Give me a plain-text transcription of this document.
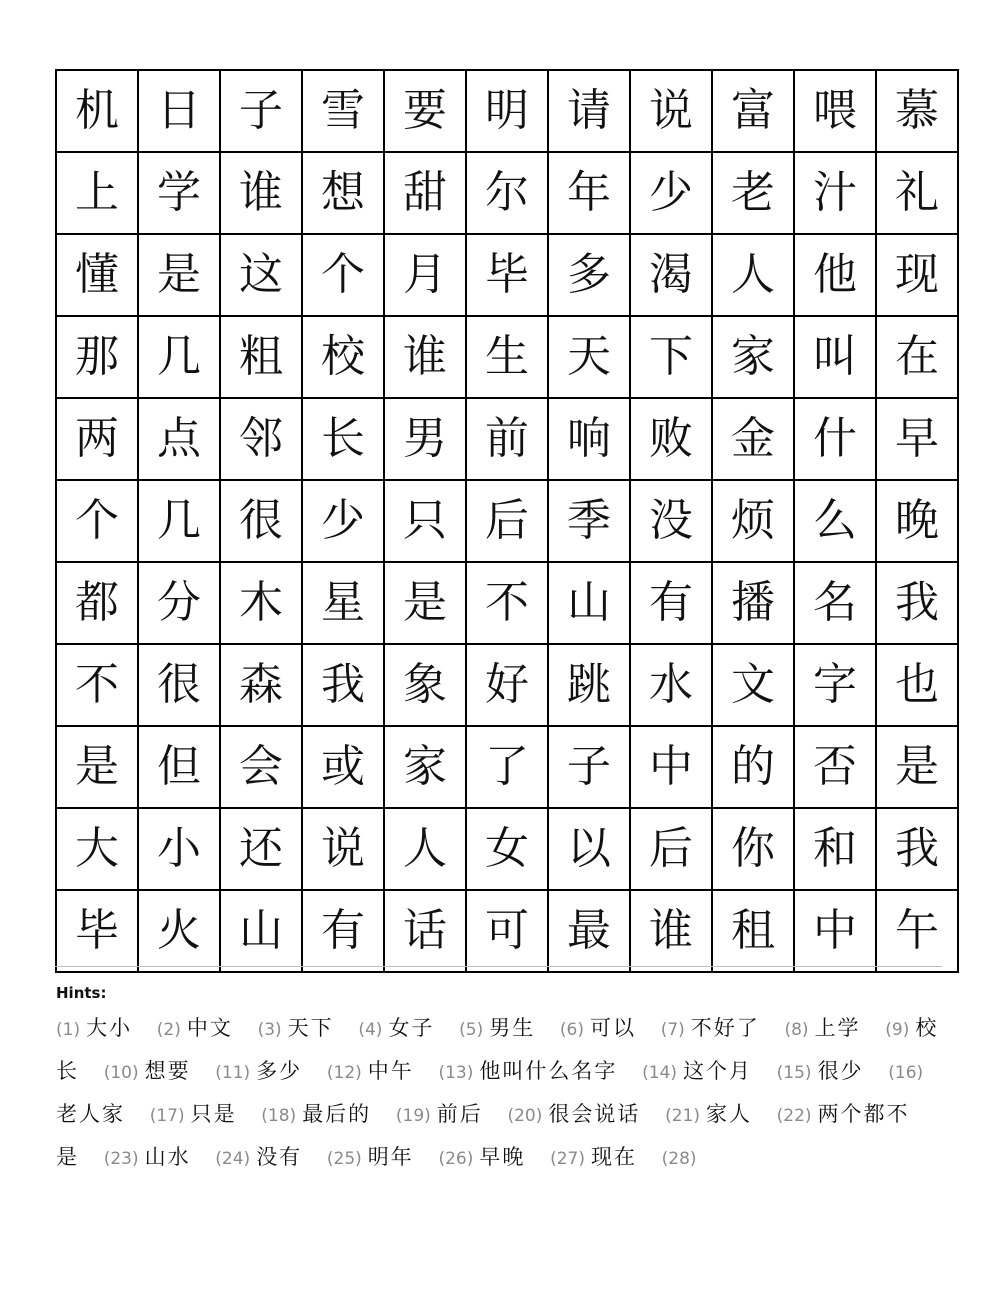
机	日	子	雪	要	明	请	说	富	喂	慕
上	学	谁	想	甜	尔	年	少	老	汁	礼
懂	是	这	个	月	毕	多	渴	人	他	现
那	几	粗	校	谁	生	天	下	家	叫	在
两	点	邻	长	男	前	响	败	金	什	早
个	几	很	少	只	后	季	没	烦	么	晚
都	分	木	星	是	不	山	有	播	名	我
不	很	森	我	象	好	跳	水	文	字	也
是	但	会	或	家	了	子	中	的	否	是
大	小	还	说	人	女	以	后	你	和	我
毕	火	山	有	话	可	最	谁	租	中	午
Hints:
(1) 大小 (2) 中文 (3) 天下 (4) 女子 (5) 男生 (6) 可以 (7) 不好了 (8) 上学 (9) 校长 (10) 想要 (11) 多少 (12) 中午 (13) 他叫什么名字 (14) 这个月 (15) 很少 (16)老人家 (17) 只是 (18) 最后的 (19) 前后 (20) 很会说话 (21) 家人 (22) 两个都不是 (23) 山水 (24) 没有 (25) 明年 (26) 早晚 (27) 现在 (28)
